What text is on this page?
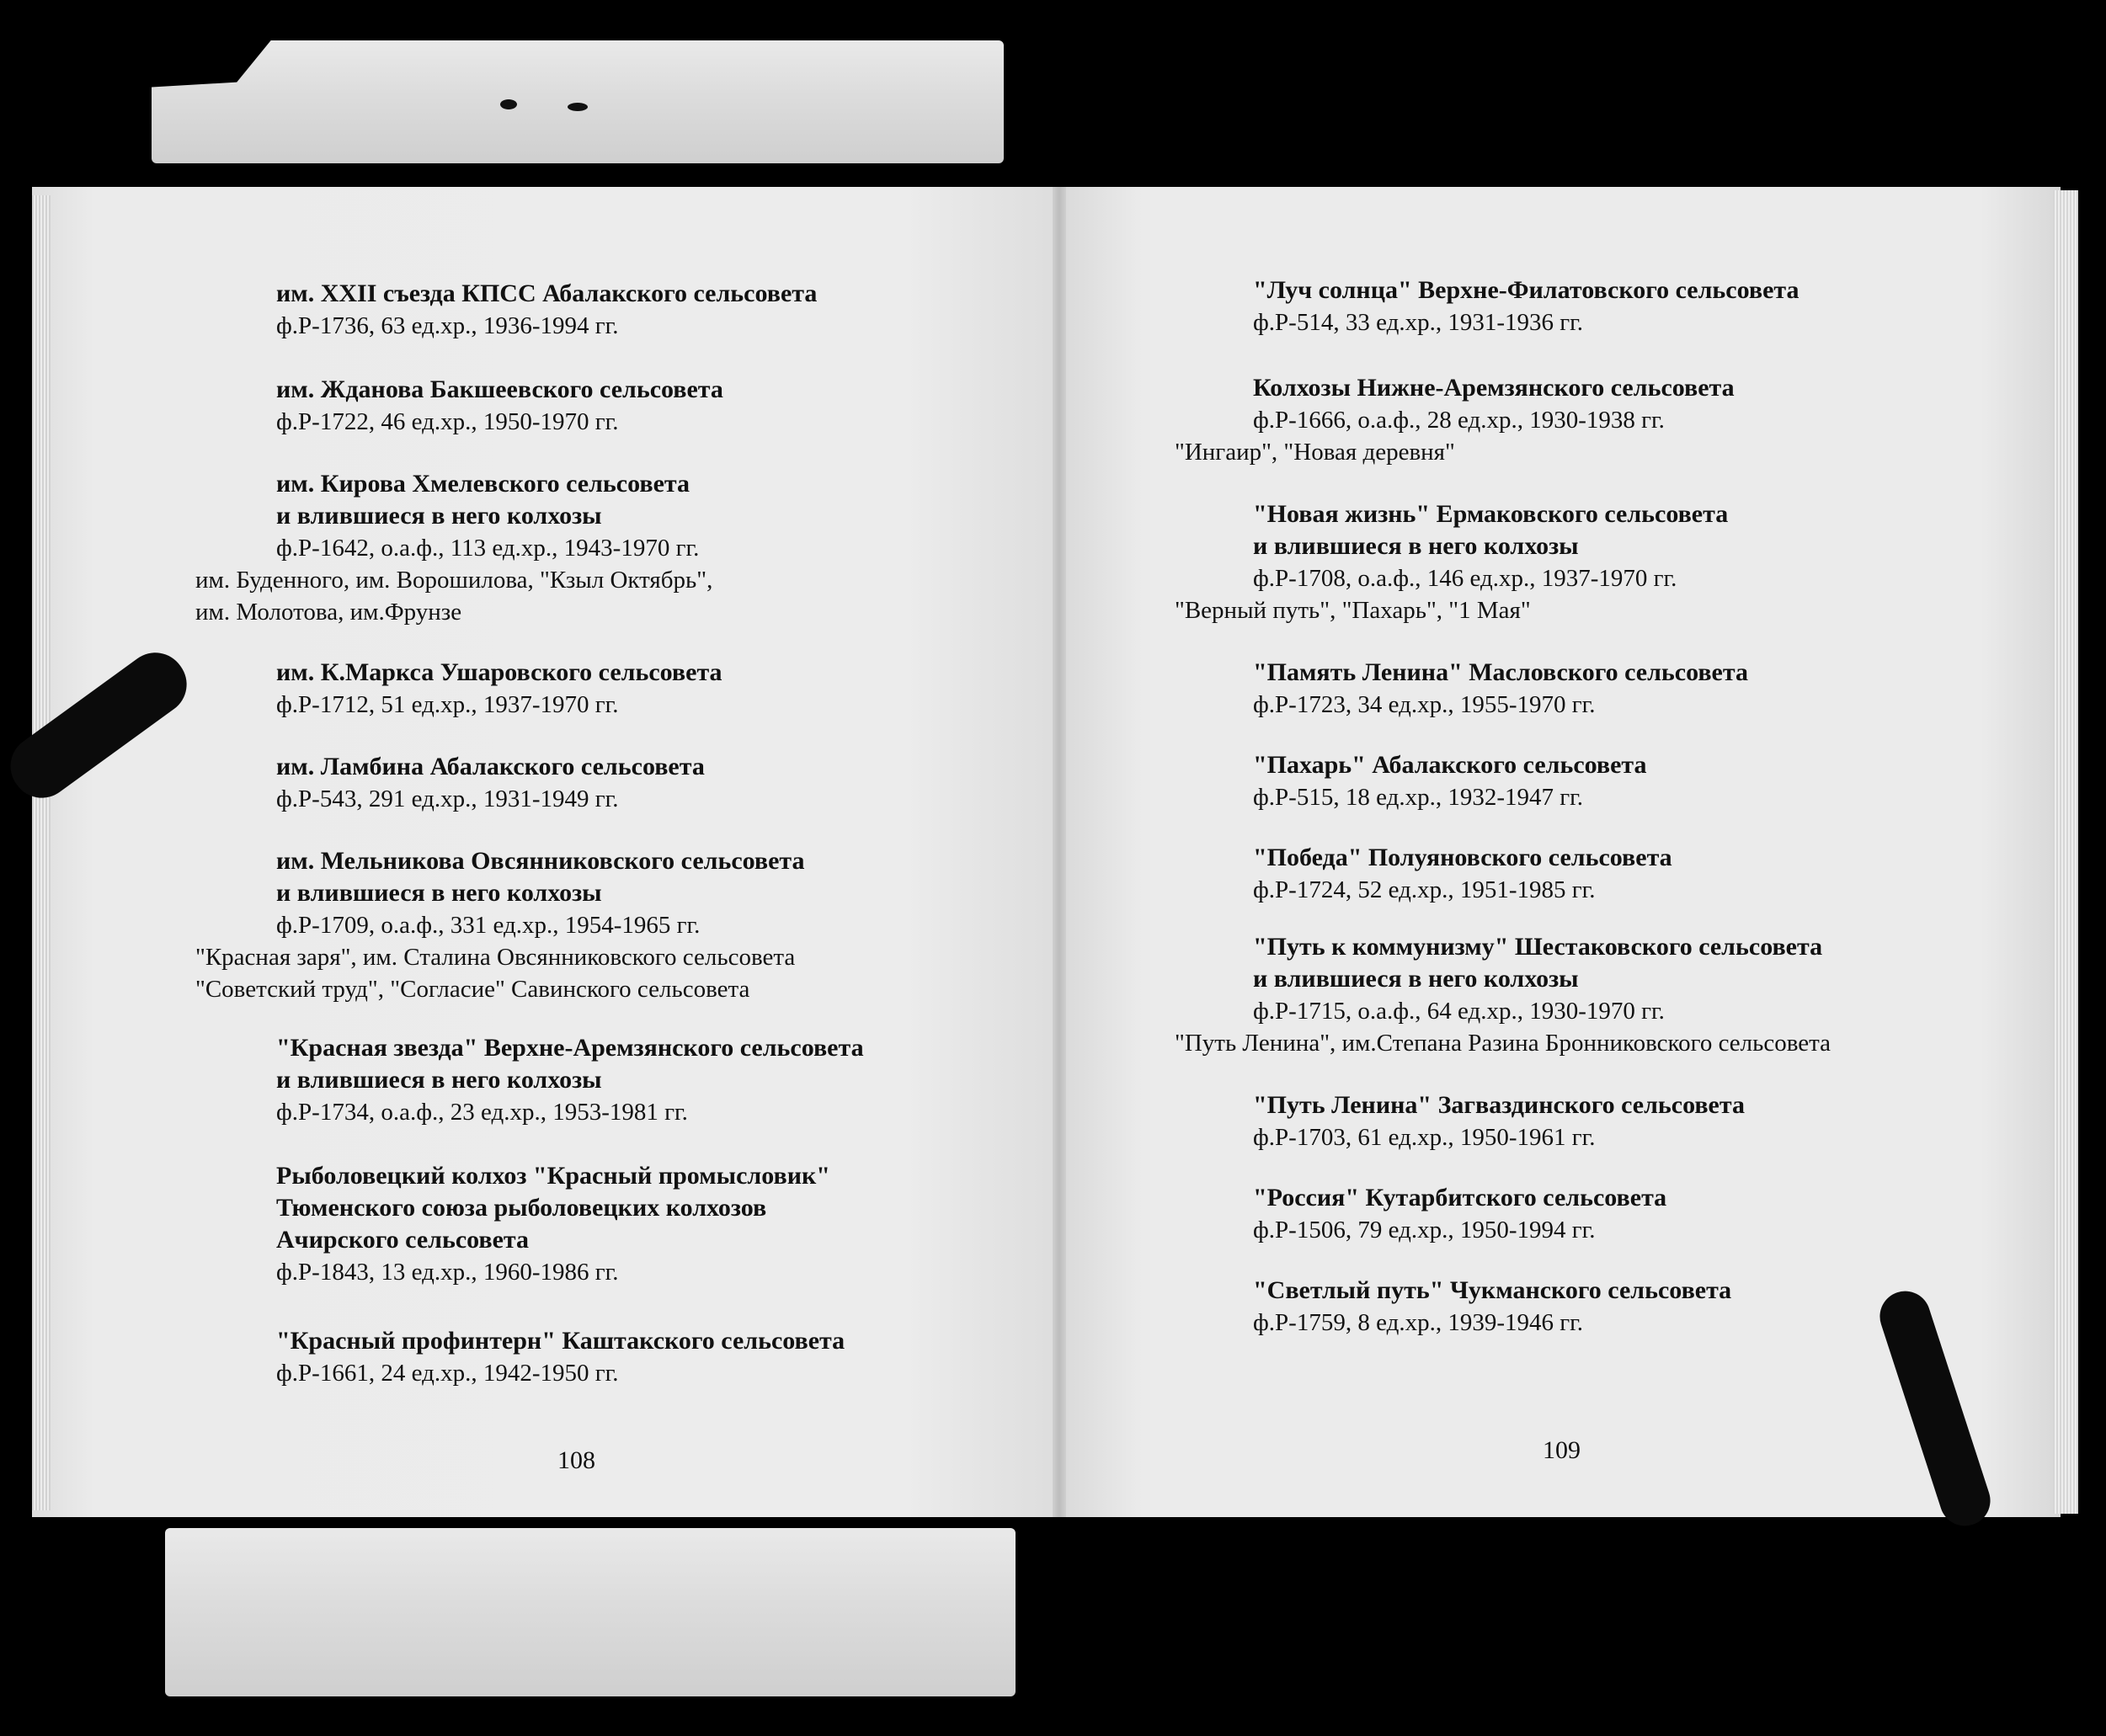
им. XXII съезда КПСС Абалакского сельсовета
ф.Р-1736, 63 ед.хр., 1936-1994 гг.
им. Жданова Бакшеевского сельсовета
ф.Р-1722, 46 ед.хр., 1950-1970 гг.
им. Кирова Хмелевского сельсовета
и влившиеся в него колхозы
ф.Р-1642, о.а.ф., 113 ед.хр., 1943-1970 гг.
им. Буденного, им. Ворошилова, "Кзыл Октябрь",
им. Молотова, им.Фрунзе
им. К.Маркса Ушаровского сельсовета
ф.Р-1712, 51 ед.хр., 1937-1970 гг.
им. Ламбина Абалакского сельсовета
ф.Р-543, 291 ед.хр., 1931-1949 гг.
им. Мельникова Овсянниковского сельсовета
и влившиеся в него колхозы
ф.Р-1709, о.а.ф., 331 ед.хр., 1954-1965 гг.
"Красная заря", им. Сталина Овсянниковского сельсовета
"Советский труд", "Согласие" Савинского сельсовета
"Красная звезда" Верхне-Аремзянского сельсовета
и влившиеся в него колхозы
ф.Р-1734, о.а.ф., 23 ед.хр., 1953-1981 гг.
Рыболовецкий колхоз "Красный промысловик"
Тюменского союза рыболовецких колхозов
Ачирского сельсовета
ф.Р-1843, 13 ед.хр., 1960-1986 гг.
"Красный профинтерн" Каштакского сельсовета
ф.Р-1661, 24 ед.хр., 1942-1950 гг.
108
"Луч солнца" Верхне-Филатовского сельсовета
ф.Р-514, 33 ед.хр., 1931-1936 гг.
Колхозы Нижне-Аремзянского сельсовета
ф.Р-1666, о.а.ф., 28 ед.хр., 1930-1938 гг.
"Ингаир", "Новая деревня"
"Новая жизнь" Ермаковского сельсовета
и влившиеся в него колхозы
ф.Р-1708, о.а.ф., 146 ед.хр., 1937-1970 гг.
"Верный путь", "Пахарь", "1 Мая"
"Память Ленина" Масловского сельсовета
ф.Р-1723, 34 ед.хр., 1955-1970 гг.
"Пахарь" Абалакского сельсовета
ф.Р-515, 18 ед.хр., 1932-1947 гг.
"Победа" Полуяновского сельсовета
ф.Р-1724, 52 ед.хр., 1951-1985 гг.
"Путь к коммунизму" Шестаковского сельсовета
и влившиеся в него колхозы
ф.Р-1715, о.а.ф., 64 ед.хр., 1930-1970 гг.
"Путь Ленина", им.Степана Разина Бронниковского сельсовета
"Путь Ленина" Загваздинского сельсовета
ф.Р-1703, 61 ед.хр., 1950-1961 гг.
"Россия" Кутарбитского сельсовета
ф.Р-1506, 79 ед.хр., 1950-1994 гг.
"Светлый путь" Чукманского сельсовета
ф.Р-1759, 8 ед.хр., 1939-1946 гг.
109
